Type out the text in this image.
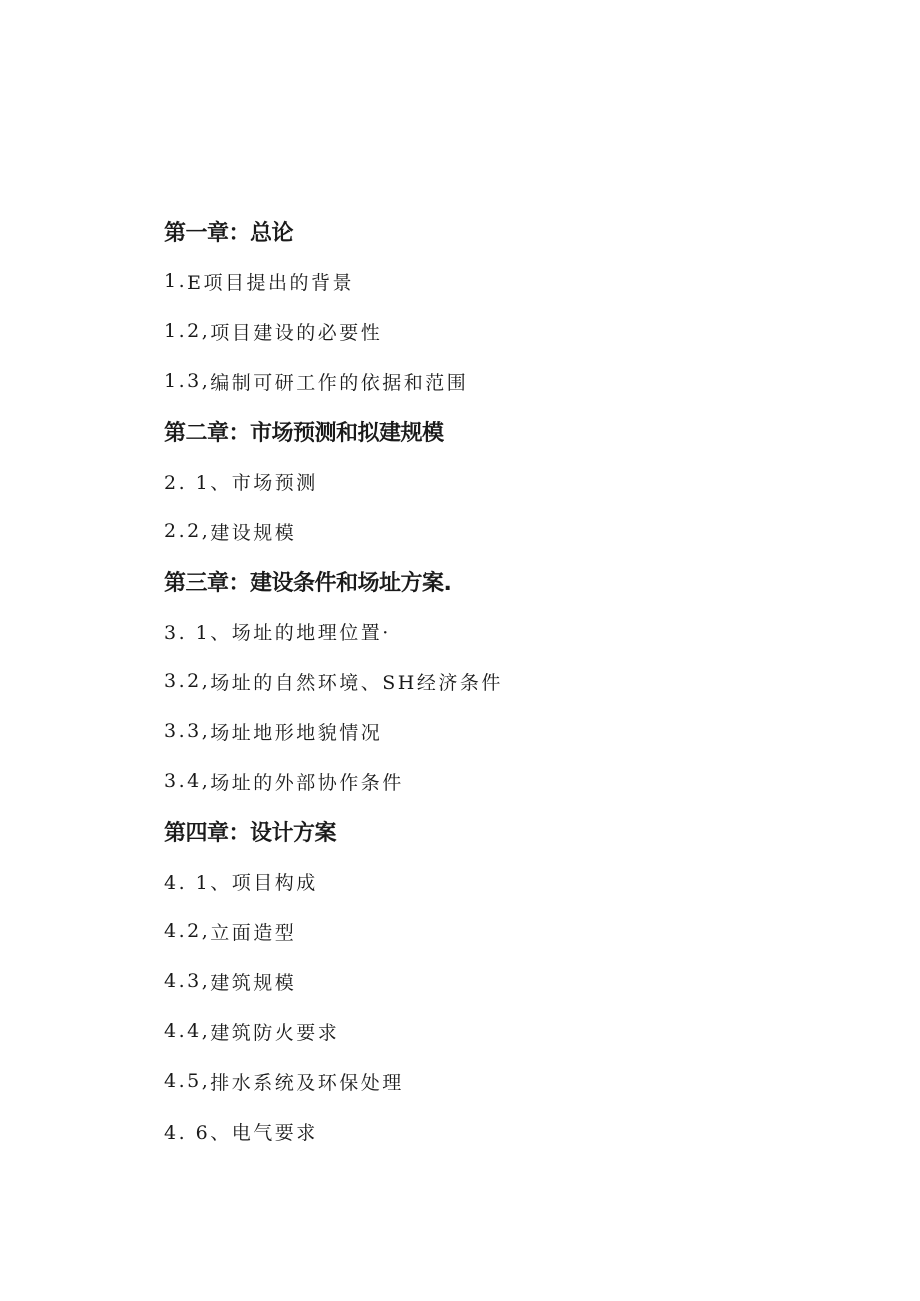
第一章：总论
1. E项目提出的背景
1.2, 项目建设的必要性
1.3, 编制可研工作的依据和范围
第二章：市场预测和拟建规模
2. 1、 市场预测
2.2, 建设规模
第三章：建设条件和场址方案.
3. 1、 场址的地理位置·
3.2, 场址的自然环境、SH经济条件
3.3, 场址地形地貌情况
3.4, 场址的外部协作条件
第四章：设计方案
4. 1、 项目构成
4.2, 立面造型
4.3, 建筑规模
4.4, 建筑防火要求
4.5, 排水系统及环保处理
4. 6、 电气要求
